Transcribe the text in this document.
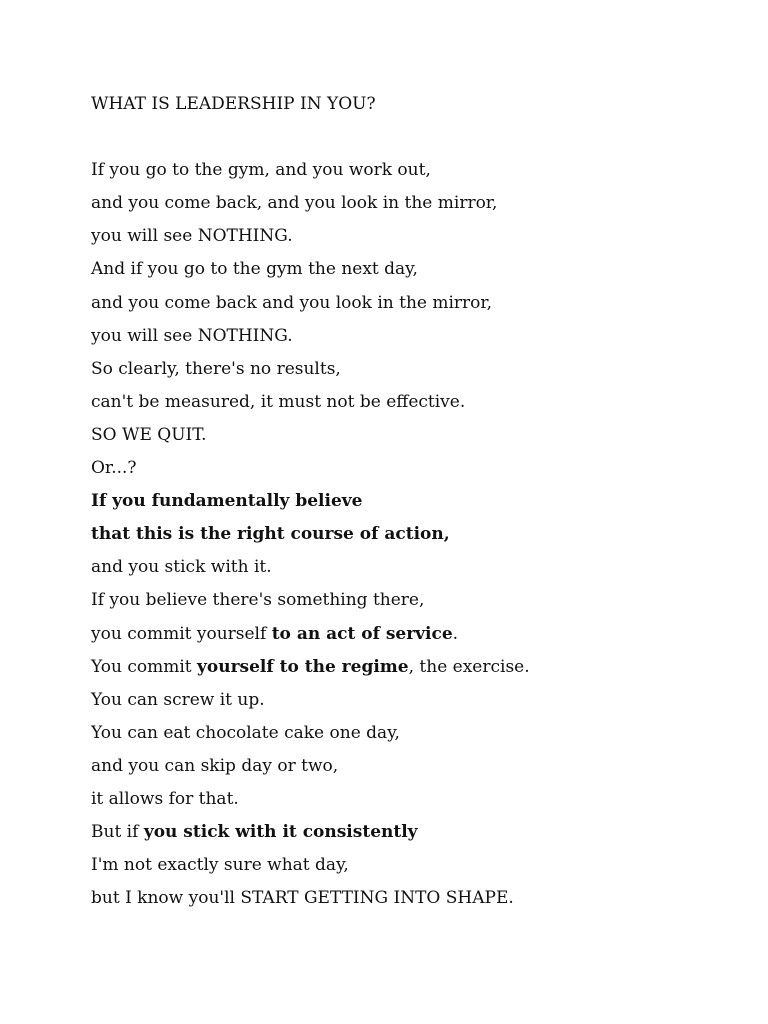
WHAT IS LEADERSHIP IN YOU?
If you go to the gym, and you work out,
and you come back, and you look in the mirror,
you will see NOTHING.
And if you go to the gym the next day,
and you come back and you look in the mirror,
you will see NOTHING.
So clearly, there's no results,
can't be measured, it must not be effective.
SO WE QUIT.
Or...?
If you fundamentally believe
that this is the right course of action,
and you stick with it.
If you believe there's something there,
you commit yourself to an act of service.
You commit yourself to the regime, the exercise.
You can screw it up.
You can eat chocolate cake one day,
and you can skip day or two,
it allows for that.
But if you stick with it consistently
I'm not exactly sure what day,
but I know you'll START GETTING INTO SHAPE.
